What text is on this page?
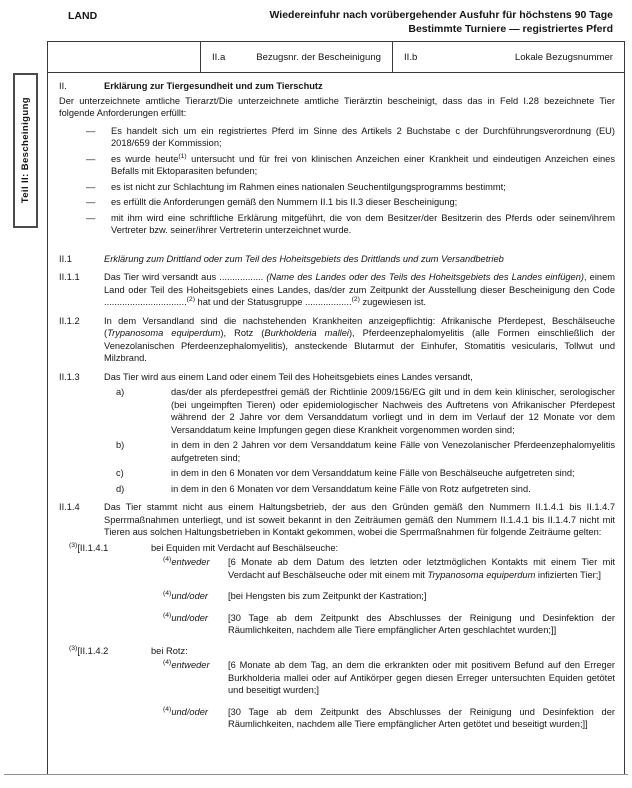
LAND	Wiedereinfuhr nach vorübergehender Ausfuhr für höchstens 90 Tage
Bestimmte Turniere — registriertes Pferd
Teil II: Bescheinigung
II.a	Bezugsnr. der Bescheinigung II.b	Lokale Bezugsnummer
II.	Erklärung zur Tiergesundheit und zum Tierschutz
Der unterzeichnete amtliche Tierarzt/Die unterzeichnete amtliche Tierärztin bescheinigt, dass das in Feld I.28 bezeichnete Tier folgende Anforderungen erfüllt:
—	Es handelt sich um ein registriertes Pferd im Sinne des Artikels 2 Buchstabe c der Durchführungsverordnung (EU) 2018/659 der Kommission;
—	es wurde heute$^{(1)}$ untersucht und für frei von klinischen Anzeichen einer Krankheit und eindeutigen Anzeichen eines Befalls mit Ektoparasiten befunden;
—	es ist nicht zur Schlachtung im Rahmen eines nationalen Seuchentilgungsprogramms bestimmt;
—	es erfüllt die Anforderungen gemäß den Nummern II.1 bis II.3 dieser Bescheinigung;
—	mit ihm wird eine schriftliche Erklärung mitgeführt, die von dem Besitzer/der Besitzerin des Pferds oder seinem/ihrem Vertreter bzw. seiner/ihrer Vertreterin unterzeichnet wurde.
II.1	Erklärung zum Drittland oder zum Teil des Hoheitsgebiets des Drittlands und zum Versandbetrieb
II.1.1	Das Tier wird versandt aus ................. (Name des Landes oder des Teils des Hoheitsgebiets des Landes einfügen), einem Land oder Teil des Hoheitsgebiets eines Landes, das/der zum Zeitpunkt der Ausstellung dieser Bescheinigung den Code ................................$^{(2)}$ hat und der Statusgruppe ..................$^{(2)}$ zugewiesen ist.
II.1.2	In dem Versandland sind die nachstehenden Krankheiten anzeigepflichtig: Afrikanische Pferdepest, Beschälseuche (Trypanosoma equiperdum), Rotz (Burkholderia mallei), Pferdeenzephalomyelitis (alle Formen einschließlich der Venezolanischen Pferdeenzephalomyelitis), ansteckende Blutarmut der Einhufer, Stomatitis vesicularis, Tollwut und Milzbrand.
II.1.3	Das Tier wird aus einem Land oder einem Teil des Hoheitsgebiets eines Landes versandt,
a)	das/der als pferdepestfrei gemäß der Richtlinie 2009/156/EG gilt und in dem kein klinischer, serologischer (bei ungeimpften Tieren) oder epidemiologischer Nachweis des Auftretens von Afrikanischer Pferdepest während der 2 Jahre vor dem Versanddatum vorliegt und in dem im Verlauf der 12 Monate vor dem Versanddatum keine Impfungen gegen diese Krankheit vorgenommen worden sind;
b)	in dem in den 2 Jahren vor dem Versanddatum keine Fälle von Venezolanischer Pferdeenzephalomyelitis aufgetreten sind;
c)	in dem in den 6 Monaten vor dem Versanddatum keine Fälle von Beschälseuche aufgetreten sind;
d)	in dem in den 6 Monaten vor dem Versanddatum keine Fälle von Rotz aufgetreten sind.
II.1.4	Das Tier stammt nicht aus einem Haltungsbetrieb, der aus den Gründen gemäß den Nummern II.1.4.1 bis II.1.4.7 Sperrmaßnahmen unterliegt, und ist soweit bekannt in den Zeiträumen gemäß den Nummern II.1.4.1 bis II.1.4.7 nicht mit Tieren aus solchen Haltungsbetrieben in Kontakt gekommen, wobei die Sperrmaßnahmen für folgende Zeiträume gelten:
$^{(3)}$[II.1.4.1	bei Equiden mit Verdacht auf Beschälseuche:
$^{(4)}$entweder	[6 Monate ab dem Datum des letzten oder letztmöglichen Kontakts mit einem Tier mit Verdacht auf Beschälseuche oder mit einem mit Trypanosoma equiperdum infizierten Tier;]
$^{(4)}$und/oder	[bei Hengsten bis zum Zeitpunkt der Kastration;]
$^{(4)}$und/oder	[30 Tage ab dem Zeitpunkt des Abschlusses der Reinigung und Desinfektion der Räumlichkeiten, nachdem alle Tiere empfänglicher Arten geschlachtet wurden;]]
$^{(3)}$[II.1.4.2	bei Rotz:
$^{(4)}$entweder	[6 Monate ab dem Tag, an dem die erkrankten oder mit positivem Befund auf den Erreger Burkholderia mallei oder auf Antikörper gegen diesen Erreger untersuchten Equiden getötet und beseitigt wurden;]
$^{(4)}$und/oder	[30 Tage ab dem Zeitpunkt des Abschlusses der Reinigung und Desinfektion der Räumlichkeiten, nachdem alle Tiere empfänglicher Arten getötet und beseitigt wurden;]]
